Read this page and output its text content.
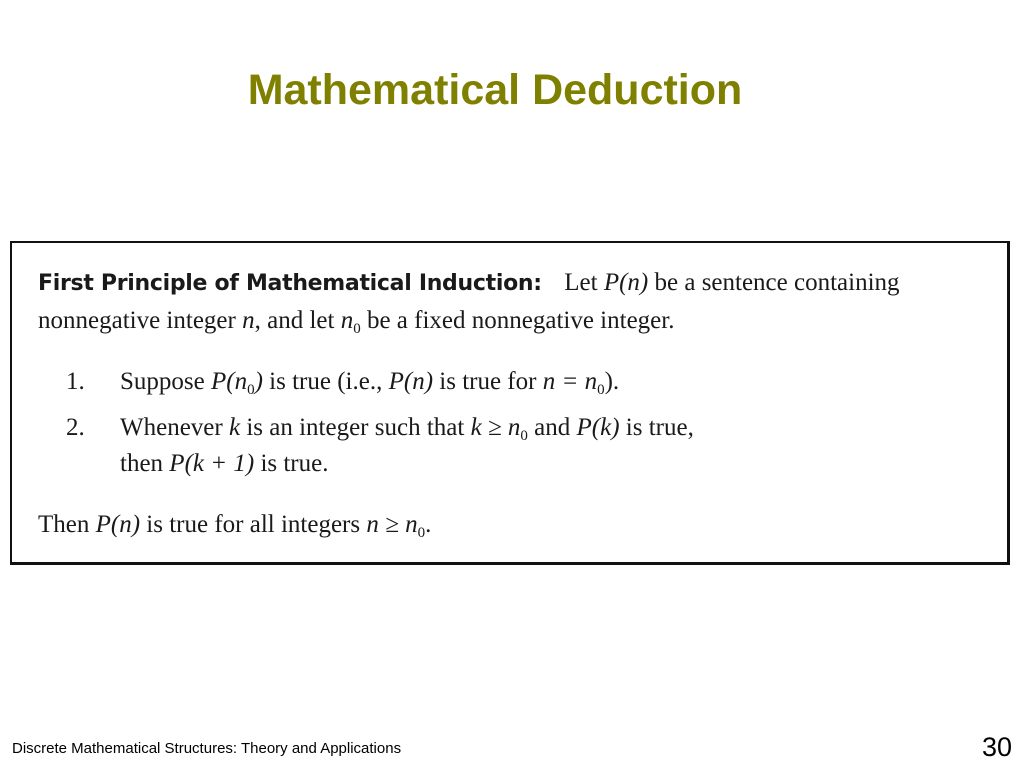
Mathematical Deduction
First Principle of Mathematical Induction: Let P(n) be a sentence containing
nonnegative integer n, and let $n_0$ be a fixed nonnegative integer.
1. Suppose $P(n_0)$ is true (i.e., P(n) is true for $n = n_0$).
2. Whenever k is an integer such that $k \ge n_0$ and P(k) is true,
then P(k + 1) is true.
Then P(n) is true for all integers $n \ge n_0$.
Discrete Mathematical Structures: Theory and Applications	30
